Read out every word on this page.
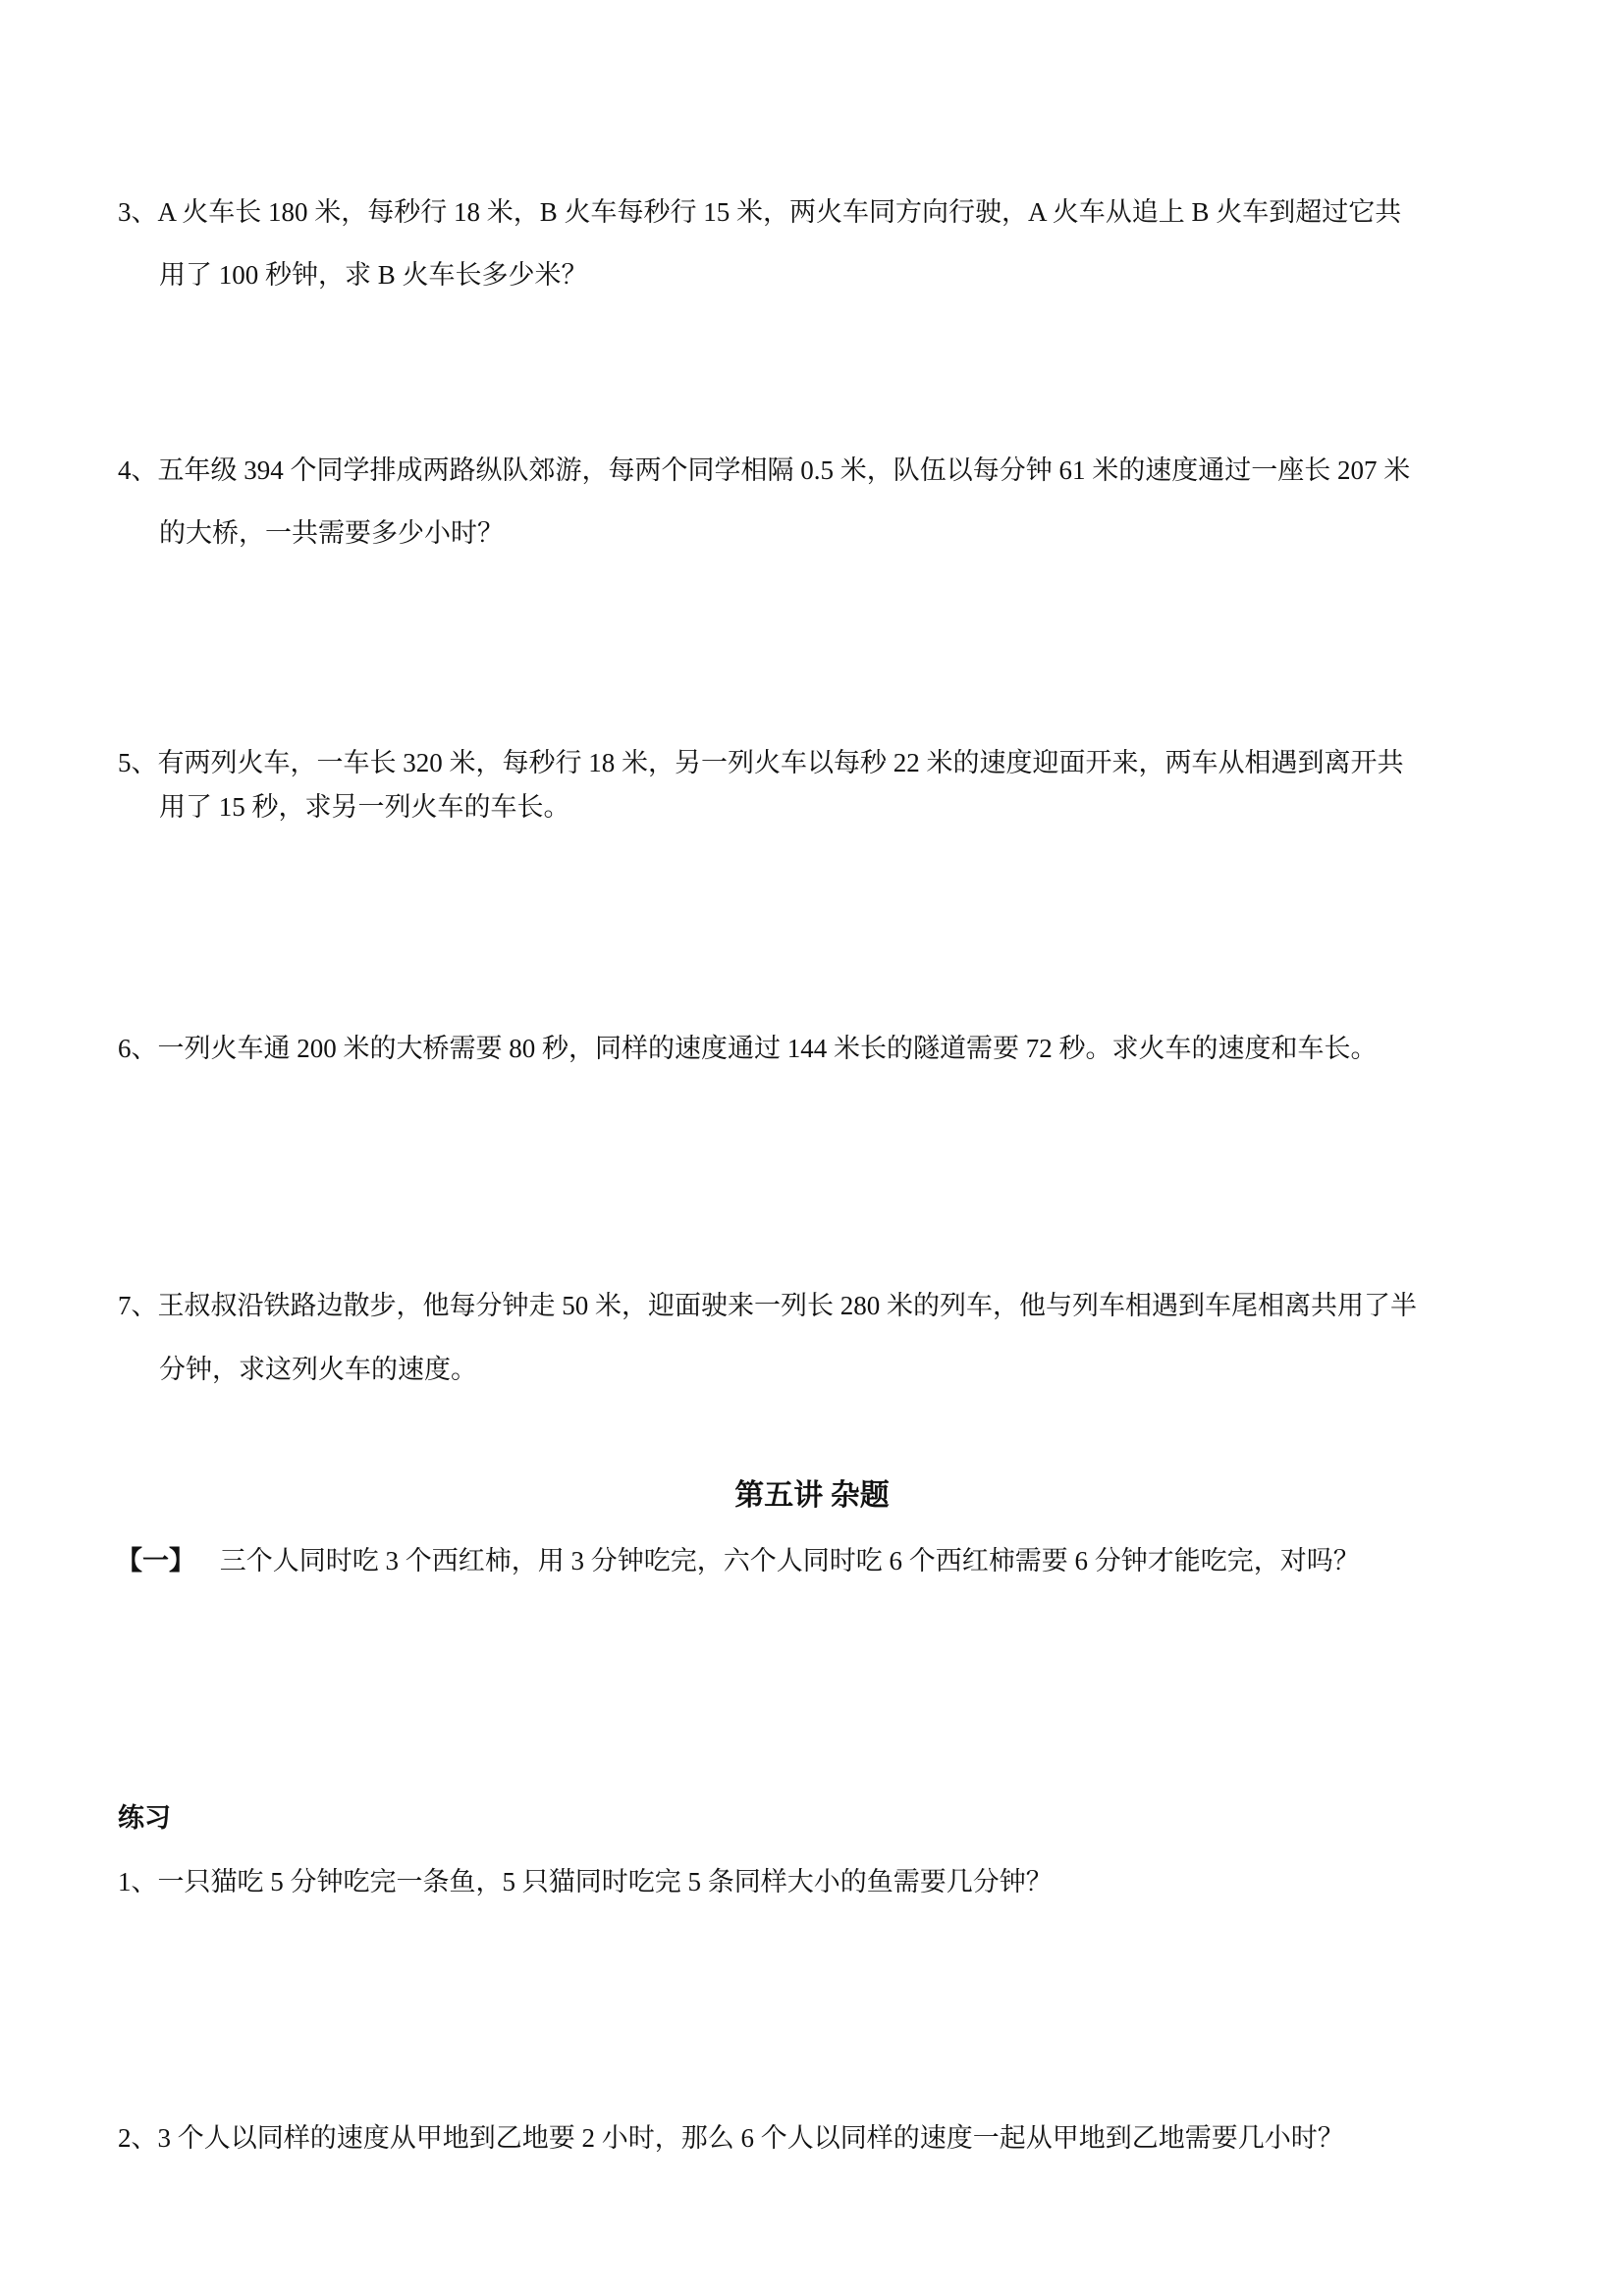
3、A 火车长 180 米，每秒行 18 米，B 火车每秒行 15 米，两火车同方向行驶，A 火车从追上 B 火车到超过它共
用了 100 秒钟，求 B 火车长多少米？
4、五年级 394 个同学排成两路纵队郊游，每两个同学相隔 0.5 米，队伍以每分钟 61 米的速度通过一座长 207 米
的大桥，一共需要多少小时？
5、有两列火车，一车长 320 米，每秒行 18 米，另一列火车以每秒 22 米的速度迎面开来，两车从相遇到离开共
用了 15 秒，求另一列火车的车长。
6、一列火车通 200 米的大桥需要 80 秒，同样的速度通过 144 米长的隧道需要 72 秒。求火车的速度和车长。
7、王叔叔沿铁路边散步，他每分钟走 50 米，迎面驶来一列长 280 米的列车，他与列车相遇到车尾相离共用了半
分钟，求这列火车的速度。
第五讲 杂题
【一】 三个人同时吃 3 个西红柿，用 3 分钟吃完，六个人同时吃 6 个西红柿需要 6 分钟才能吃完，对吗？
练习
1、一只猫吃 5 分钟吃完一条鱼，5 只猫同时吃完 5 条同样大小的鱼需要几分钟？
2、3 个人以同样的速度从甲地到乙地要 2 小时，那么 6 个人以同样的速度一起从甲地到乙地需要几小时？
